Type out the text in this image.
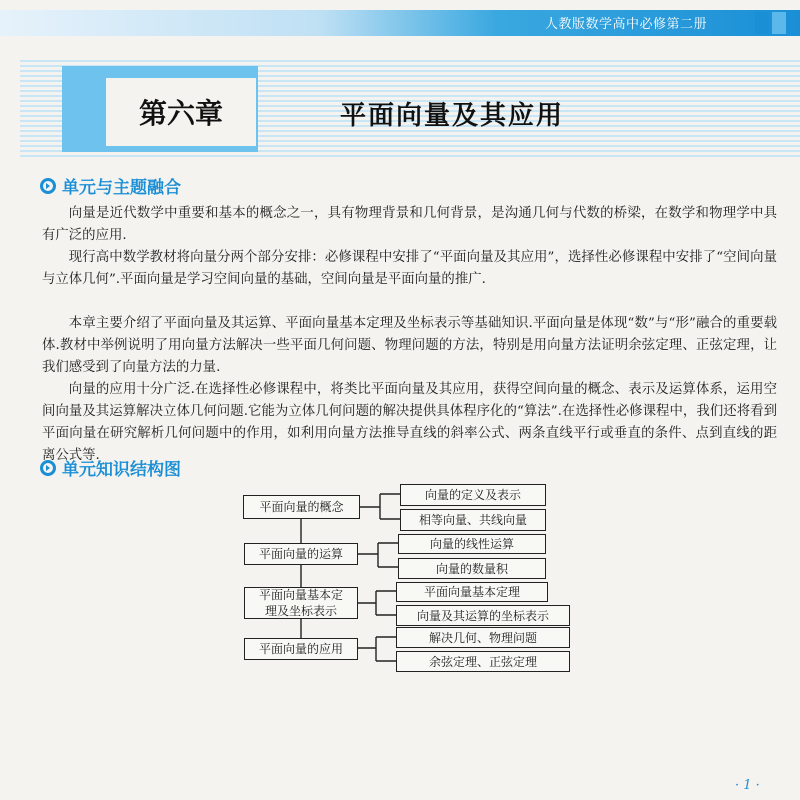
人教版数学高中必修第二册
第六章	平面向量及其应用
单元与主题融合

向量是近代数学中重要和基本的概念之一，具有物理背景和几何背景，是沟通几何与代数的桥梁，在数学和物理学中具有广泛的应用.

现行高中数学教材将向量分两个部分安排：必修课程中安排了“平面向量及其应用”，选择性必修课程中安排了“空间向量与立体几何”.平面向量是学习空间向量的基础，空间向量是平面向量的推广.

本章主要介绍了平面向量及其运算、平面向量基本定理及坐标表示等基础知识.平面向量是体现“数”与“形”融合的重要载体.教材中举例说明了用向量方法解决一些平面几何问题、物理问题的方法，特别是用向量方法证明余弦定理、正弦定理，让我们感受到了向量方法的力量.

向量的应用十分广泛.在选择性必修课程中，将类比平面向量及其应用，获得空间向量的概念、表示及运算体系，运用空间向量及其运算解决立体几何问题.它能为立体几何问题的解决提供具体程序化的“算法”.在选择性必修课程中，我们还将看到平面向量在研究解析几何问题中的作用，如利用向量方法推导直线的斜率公式、两条直线平行或垂直的条件、点到直线的距离公式等.

单元知识结构图
平面向量的概念
平面向量的运算
平面向量基本定理及坐标表示
平面向量的应用
向量的定义及表示
相等向量、共线向量
向量的线性运算
向量的数量积
平面向量基本定理
向量及其运算的坐标表示
解决几何、物理问题
余弦定理、正弦定理
· 1 ·
